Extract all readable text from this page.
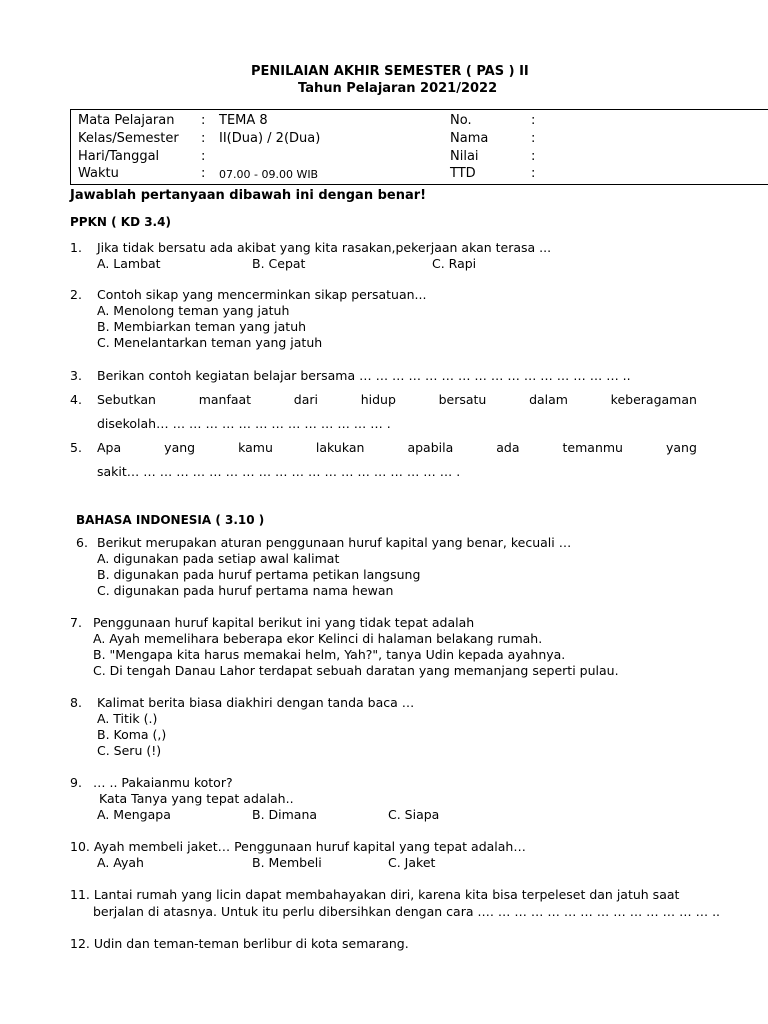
PENILAIAN AKHIR SEMESTER ( PAS ) II
Tahun Pelajaran 2021/2022
Mata Pelajaran : TEMA 8
Kelas/Semester : II(Dua) / 2(Dua)
Hari/Tanggal	:
Waktu	: 07.00 - 09.00 WIB
No.	:
Nama	:
Nilai	:
TTD	:
Jawablah pertanyaan dibawah ini dengan benar!
PPKN ( KD 3.4)
1. Jika tidak bersatu ada akibat yang kita rasakan,pekerjaan akan terasa ...
A. Lambat	B. Cepat	C. Rapi
2. Contoh sikap yang mencerminkan sikap persatuan...
A. Menolong teman yang jatuh
B. Membiarkan teman yang jatuh
C. Menelantarkan teman yang jatuh
3. Berikan contoh kegiatan belajar bersama … … … … … … … … … … … … … … … … ..
4. Sebutkan	manfaat	dari	hidup	bersatu	dalam	keberagaman
disekolah… … … … … … … … … … … … … … .
5. Apa	yang	kamu	lakukan	apabila	ada	temanmu	yang
sakit… … … … … … … … … … … … … … … … … … … … .
BAHASA INDONESIA ( 3.10 )
6. Berikut merupakan aturan penggunaan huruf kapital yang benar, kecuali …
A. digunakan pada setiap awal kalimat
B. digunakan pada huruf pertama petikan langsung
C. digunakan pada huruf pertama nama hewan
7. Penggunaan huruf kapital berikut ini yang tidak tepat adalah
A. Ayah memelihara beberapa ekor Kelinci di halaman belakang rumah.
B. "Mengapa kita harus memakai helm, Yah?", tanya Udin kepada ayahnya.
C. Di tengah Danau Lahor terdapat sebuah daratan yang memanjang seperti pulau.
8. Kalimat berita biasa diakhiri dengan tanda baca …
A. Titik (.)
B. Koma (,)
C. Seru (!)
9. … .. Pakaianmu kotor?
Kata Tanya yang tepat adalah..
A. Mengapa	B. Dimana	C. Siapa
10. Ayah membeli jaket… Penggunaan huruf kapital yang tepat adalah…
A. Ayah	B. Membeli	C. Jaket
11. Lantai rumah yang licin dapat membahayakan diri, karena kita bisa terpeleset dan jatuh saat
berjalan di atasnya. Untuk itu perlu dibersihkan dengan cara .… … … … … … … … … … … … … … ..
12. Udin dan teman-teman berlibur di kota semarang.
